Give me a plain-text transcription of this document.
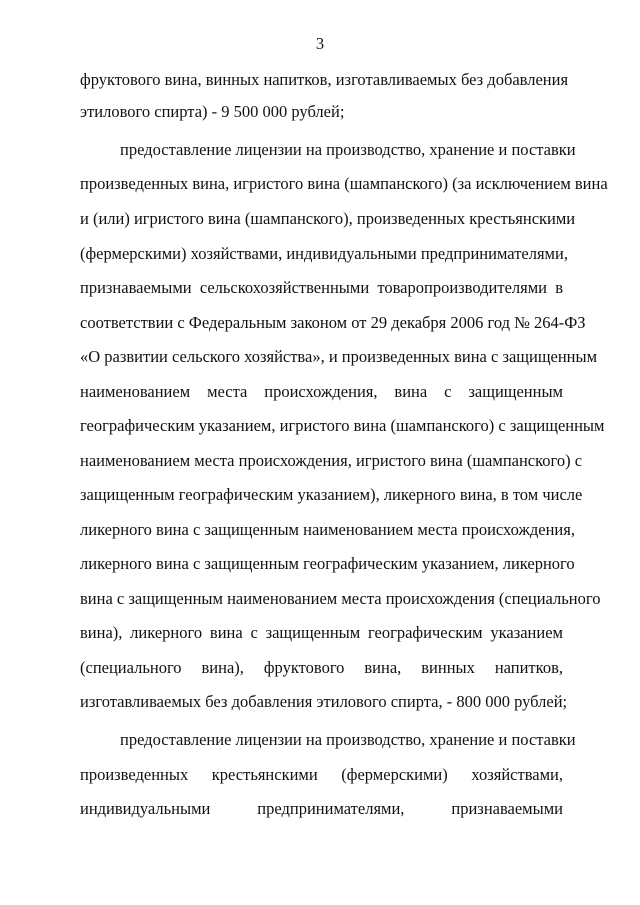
3
фруктового вина, винных напитков, изготавливаемых без добавления
этилового спирта) - 9 500 000 рублей;
предоставление лицензии на производство, хранение и поставки
произведенных вина, игристого вина (шампанского) (за исключением вина
и (или) игристого вина (шампанского), произведенных крестьянскими
(фермерскими) хозяйствами, индивидуальными предпринимателями,
признаваемыми сельскохозяйственными товаропроизводителями в
соответствии с Федеральным законом от 29 декабря 2006 год № 264-ФЗ
«О развитии сельского хозяйства», и произведенных вина с защищенным
наименованием места происхождения, вина с защищенным
географическим указанием, игристого вина (шампанского) с защищенным
наименованием места происхождения, игристого вина (шампанского) с
защищенным географическим указанием), ликерного вина, в том числе
ликерного вина с защищенным наименованием места происхождения,
ликерного вина с защищенным географическим указанием, ликерного
вина с защищенным наименованием места происхождения (специального
вина), ликерного вина с защищенным географическим указанием
(специального вина), фруктового вина, винных напитков,
изготавливаемых без добавления этилового спирта, - 800 000 рублей;
предоставление лицензии на производство, хранение и поставки
произведенных крестьянскими (фермерскими) хозяйствами,
индивидуальными предпринимателями, признаваемыми
